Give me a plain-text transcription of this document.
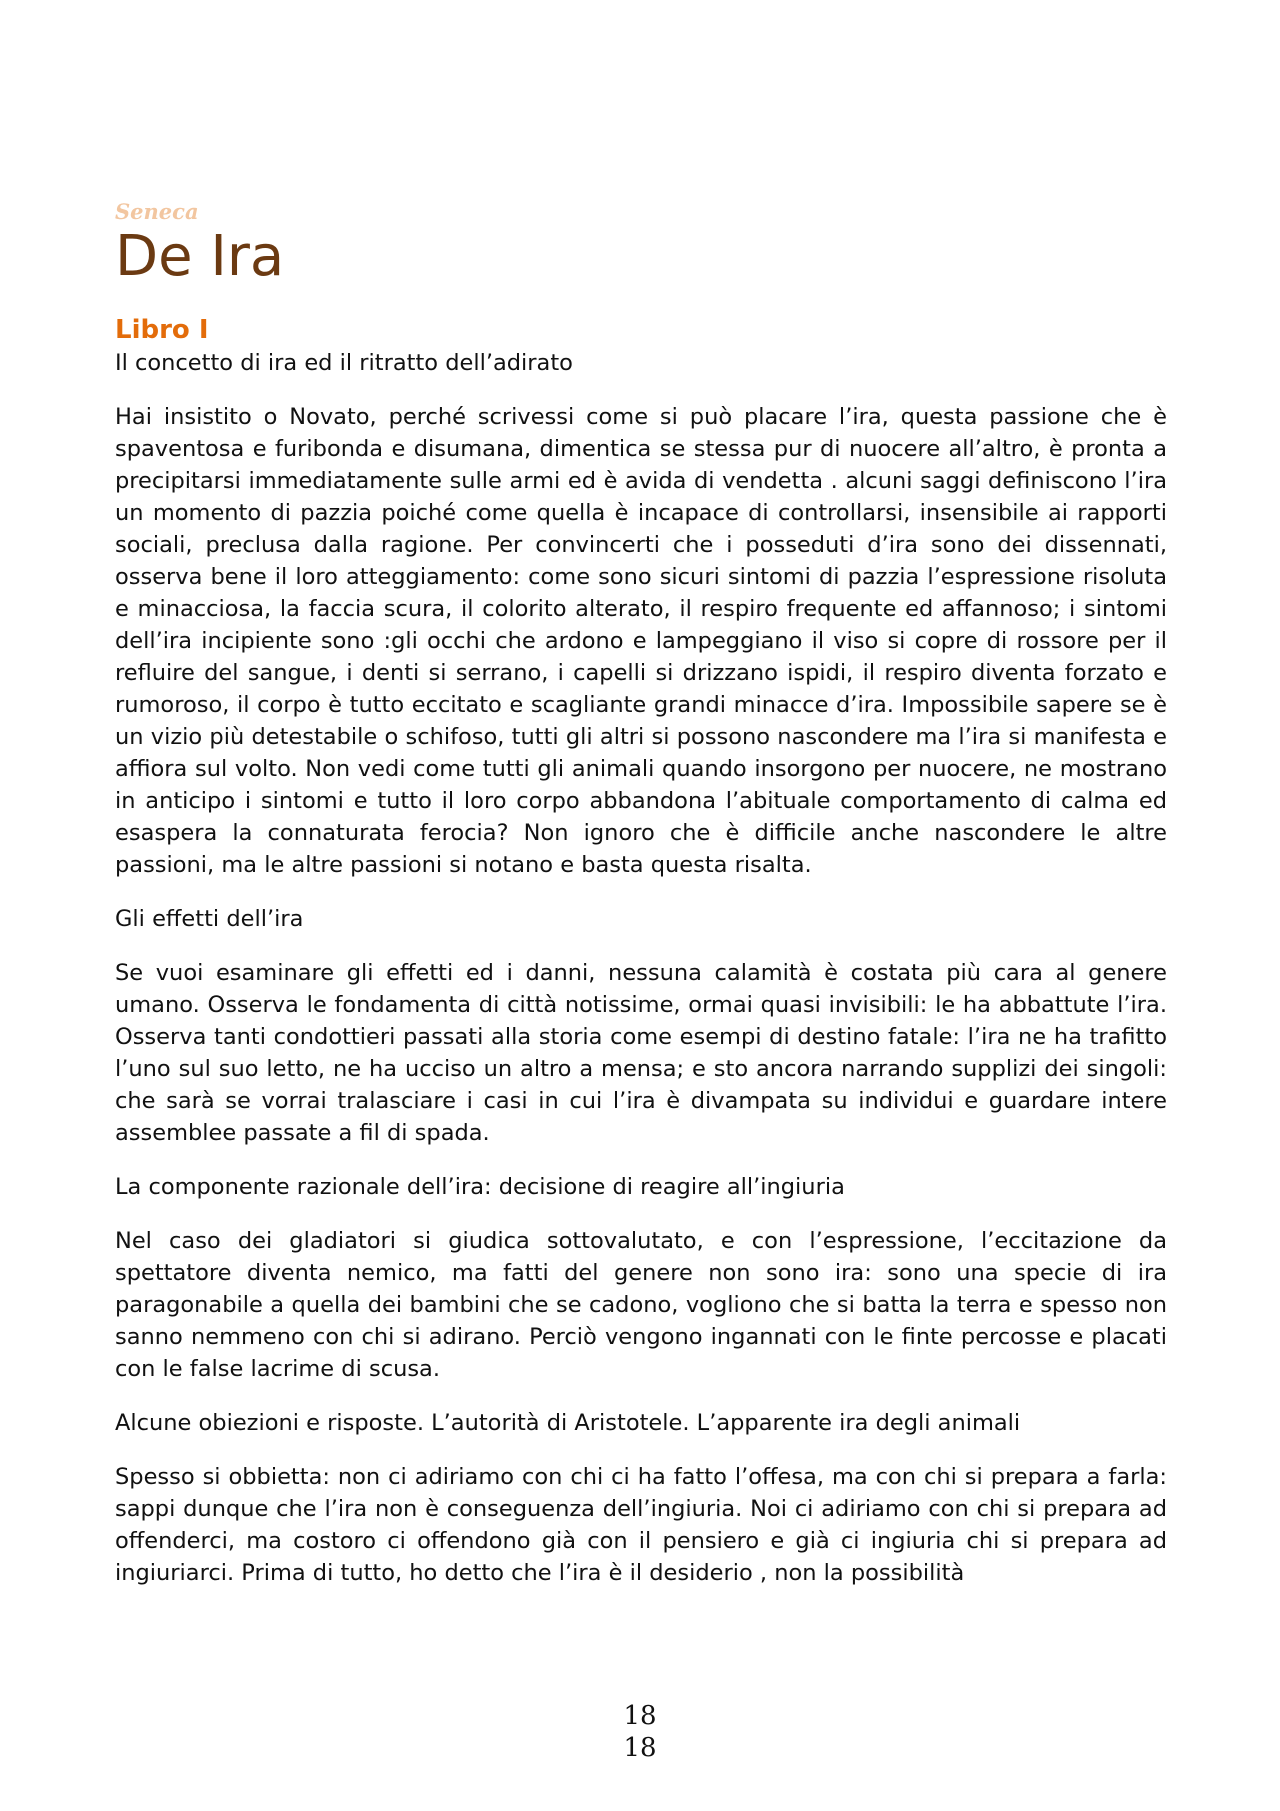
Seneca
De Ira
Libro I
Il concetto di ira ed il ritratto dell’adirato

Hai insistito o Novato, perché scrivessi come si può placare l’ira, questa passione che è spaventosa e furibonda e disumana, dimentica se stessa pur di nuocere all’altro, è pronta a precipitarsi immediatamente sulle armi ed è avida di vendetta . alcuni saggi definiscono l’ira un momento di pazzia poiché come quella è incapace di controllarsi, insensibile ai rapporti sociali, preclusa dalla ragione. Per convincerti che i posseduti d’ira sono dei dissennati, osserva bene il loro atteggiamento: come sono sicuri sintomi di pazzia l’espressione risoluta e minacciosa, la faccia scura, il colorito alterato, il respiro frequente ed affannoso; i sintomi dell’ira incipiente sono :gli occhi che ardono e lampeggiano il viso si copre di rossore per il refluire del sangue, i denti si serrano, i capelli si drizzano ispidi, il respiro diventa forzato e rumoroso, il corpo è tutto eccitato e scagliante grandi minacce d’ira. Impossibile sapere se è un vizio più detestabile o schifoso, tutti gli altri si possono nascondere ma l’ira si manifesta e affiora sul volto. Non vedi come tutti gli animali quando insorgono per nuocere, ne mostrano in anticipo i sintomi e tutto il loro corpo abbandona l’abituale comportamento di calma ed esaspera la connaturata ferocia? Non ignoro che è difficile anche nascondere le altre passioni, ma le altre passioni si notano e basta questa risalta.

Gli effetti dell’ira

Se vuoi esaminare gli effetti ed i danni, nessuna calamità è costata più cara al genere umano. Osserva le fondamenta di città notissime, ormai quasi invisibili: le ha abbattute l’ira. Osserva tanti condottieri passati alla storia come esempi di destino fatale: l’ira ne ha trafitto l’uno sul suo letto, ne ha ucciso un altro a mensa; e sto ancora narrando supplizi dei singoli: che sarà se vorrai tralasciare i casi in cui l’ira è divampata su individui e guardare intere assemblee passate a fil di spada.

La componente razionale dell’ira: decisione di reagire all’ingiuria

Nel caso dei gladiatori si giudica sottovalutato, e con l’espressione, l’eccitazione da spettatore diventa nemico, ma fatti del genere non sono ira: sono una specie di ira paragonabile a quella dei bambini che se cadono, vogliono che si batta la terra e spesso non sanno nemmeno con chi si adirano. Perciò vengono ingannati con le finte percosse e placati con le false lacrime di scusa.

Alcune obiezioni e risposte. L’autorità di Aristotele. L’apparente ira degli animali

Spesso si obbietta: non ci adiriamo con chi ci ha fatto l’offesa, ma con chi si prepara a farla: sappi dunque che l’ira non è conseguenza dell’ingiuria. Noi ci adiriamo con chi si prepara ad offenderci, ma costoro ci offendono già con il pensiero e già ci ingiuria chi si prepara ad ingiuriarci. Prima di tutto, ho detto che l’ira è il desiderio , non la possibilità

18
18
